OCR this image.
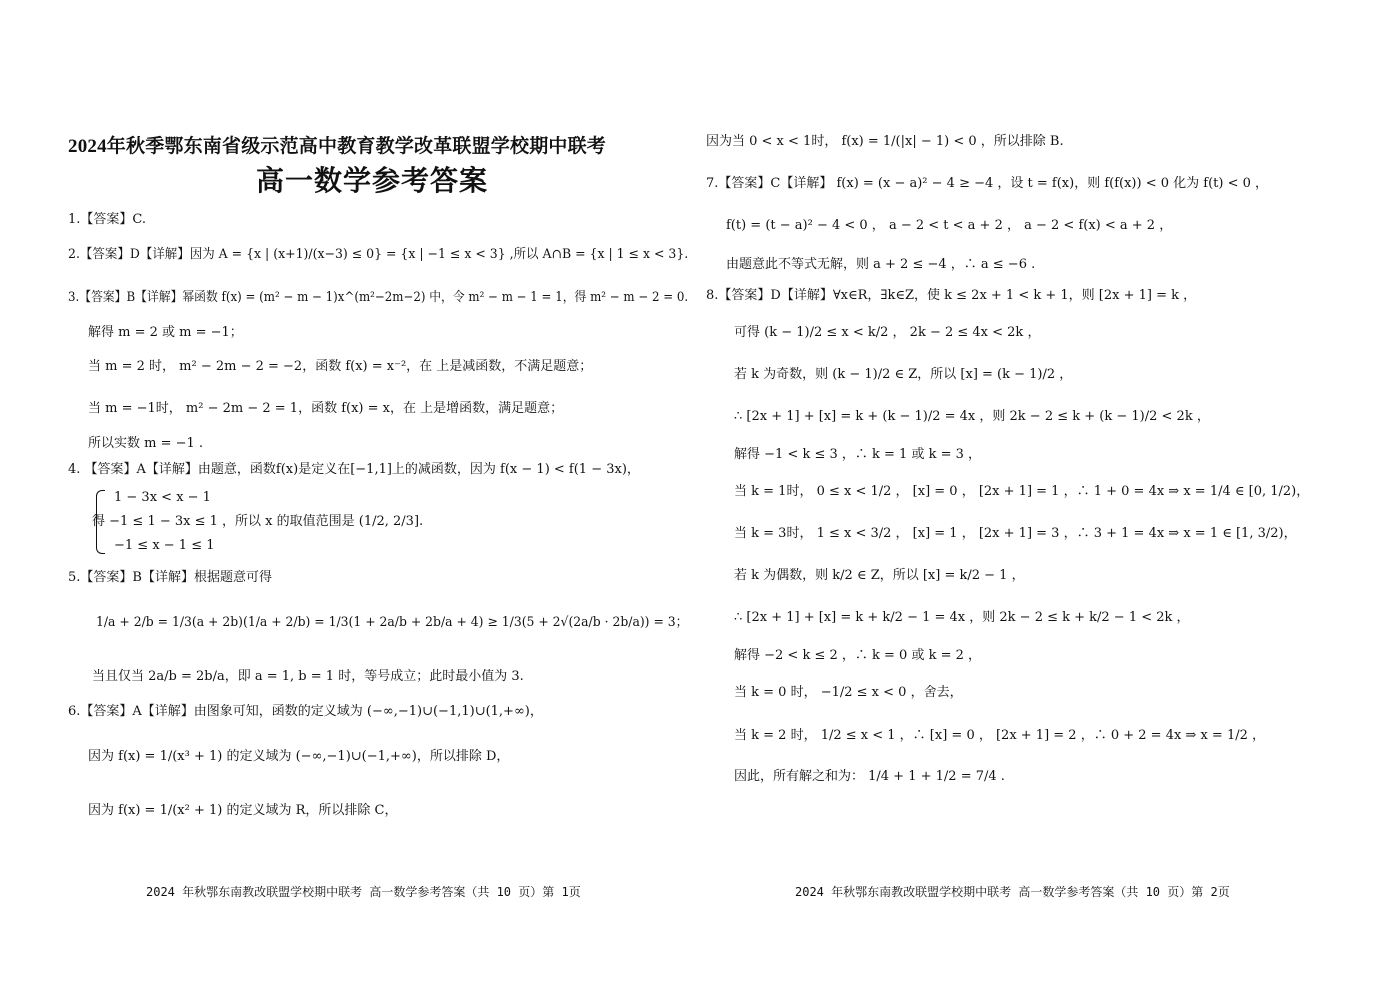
2024年秋季鄂东南省级示范高中教育教学改革联盟学校期中联考
高一数学参考答案
1.【答案】C.
2.【答案】D【详解】因为 A = {x | (x+1)/(x−3) ≤ 0} = {x | −1 ≤ x < 3} ,所以 A∩B = {x | 1 ≤ x < 3}.
3.【答案】B【详解】幂函数 f(x) = (m² − m − 1)x^(m²−2m−2) 中，令 m² − m − 1 = 1，得 m² − m − 2 = 0.
解得 m = 2 或 m = −1；
当 m = 2 时， m² − 2m − 2 = −2，函数 f(x) = x⁻²，在 上是减函数，不满足题意；
当 m = −1时， m² − 2m − 2 = 1，函数 f(x) = x，在 上是增函数，满足题意；
所以实数 m = −1 .
4. 【答案】A【详解】由题意，函数f(x)是定义在[−1,1]上的减函数，因为 f(x − 1) < f(1 − 3x)，
1 − 3x < x − 1
得 −1 ≤ 1 − 3x ≤ 1 ，所以 x 的取值范围是 (1/2, 2/3].
−1 ≤ x − 1 ≤ 1
5.【答案】B【详解】根据题意可得
1/a + 2/b = 1/3(a + 2b)(1/a + 2/b) = 1/3(1 + 2a/b + 2b/a + 4) ≥ 1/3(5 + 2√(2a/b · 2b/a)) = 3；
当且仅当 2a/b = 2b/a，即 a = 1, b = 1 时，等号成立；此时最小值为 3.
6.【答案】A【详解】由图象可知，函数的定义域为 (−∞,−1)∪(−1,1)∪(1,+∞)，
因为 f(x) = 1/(x³ + 1) 的定义域为 (−∞,−1)∪(−1,+∞)，所以排除 D，
因为 f(x) = 1/(x² + 1) 的定义域为 R，所以排除 C，
因为当 0 < x < 1时， f(x) = 1/(|x| − 1) < 0 ，所以排除 B.
7.【答案】C【详解】 f(x) = (x − a)² − 4 ≥ −4 ，设 t = f(x)，则 f(f(x)) < 0 化为 f(t) < 0 ，
f(t) = (t − a)² − 4 < 0 ， a − 2 < t < a + 2 ， a − 2 < f(x) < a + 2 ，
由题意此不等式无解，则 a + 2 ≤ −4 ，∴ a ≤ −6 .
8.【答案】D【详解】∀x∈R，∃k∈Z，使 k ≤ 2x + 1 < k + 1，则 [2x + 1] = k ，
可得 (k − 1)/2 ≤ x < k/2 ， 2k − 2 ≤ 4x < 2k ，
若 k 为奇数，则 (k − 1)/2 ∈ Z，所以 [x] = (k − 1)/2 ，
∴ [2x + 1] + [x] = k + (k − 1)/2 = 4x ，则 2k − 2 ≤ k + (k − 1)/2 < 2k ，
解得 −1 < k ≤ 3 ，∴ k = 1 或 k = 3 ，
当 k = 1时， 0 ≤ x < 1/2 ， [x] = 0 ， [2x + 1] = 1 ，∴ 1 + 0 = 4x ⇒ x = 1/4 ∈ [0, 1/2)，
当 k = 3时， 1 ≤ x < 3/2 ， [x] = 1 ， [2x + 1] = 3 ，∴ 3 + 1 = 4x ⇒ x = 1 ∈ [1, 3/2)，
若 k 为偶数，则 k/2 ∈ Z，所以 [x] = k/2 − 1 ，
∴ [2x + 1] + [x] = k + k/2 − 1 = 4x ，则 2k − 2 ≤ k + k/2 − 1 < 2k ，
解得 −2 < k ≤ 2 ，∴ k = 0 或 k = 2 ，
当 k = 0 时， −1/2 ≤ x < 0 ，舍去，
当 k = 2 时， 1/2 ≤ x < 1 ，∴ [x] = 0 ， [2x + 1] = 2 ，∴ 0 + 2 = 4x ⇒ x = 1/2 ，
因此，所有解之和为： 1/4 + 1 + 1/2 = 7/4 .
2024 年秋鄂东南教改联盟学校期中联考 高一数学参考答案（共 10 页）第 1页	2024 年秋鄂东南教改联盟学校期中联考 高一数学参考答案（共 10 页）第 2页
